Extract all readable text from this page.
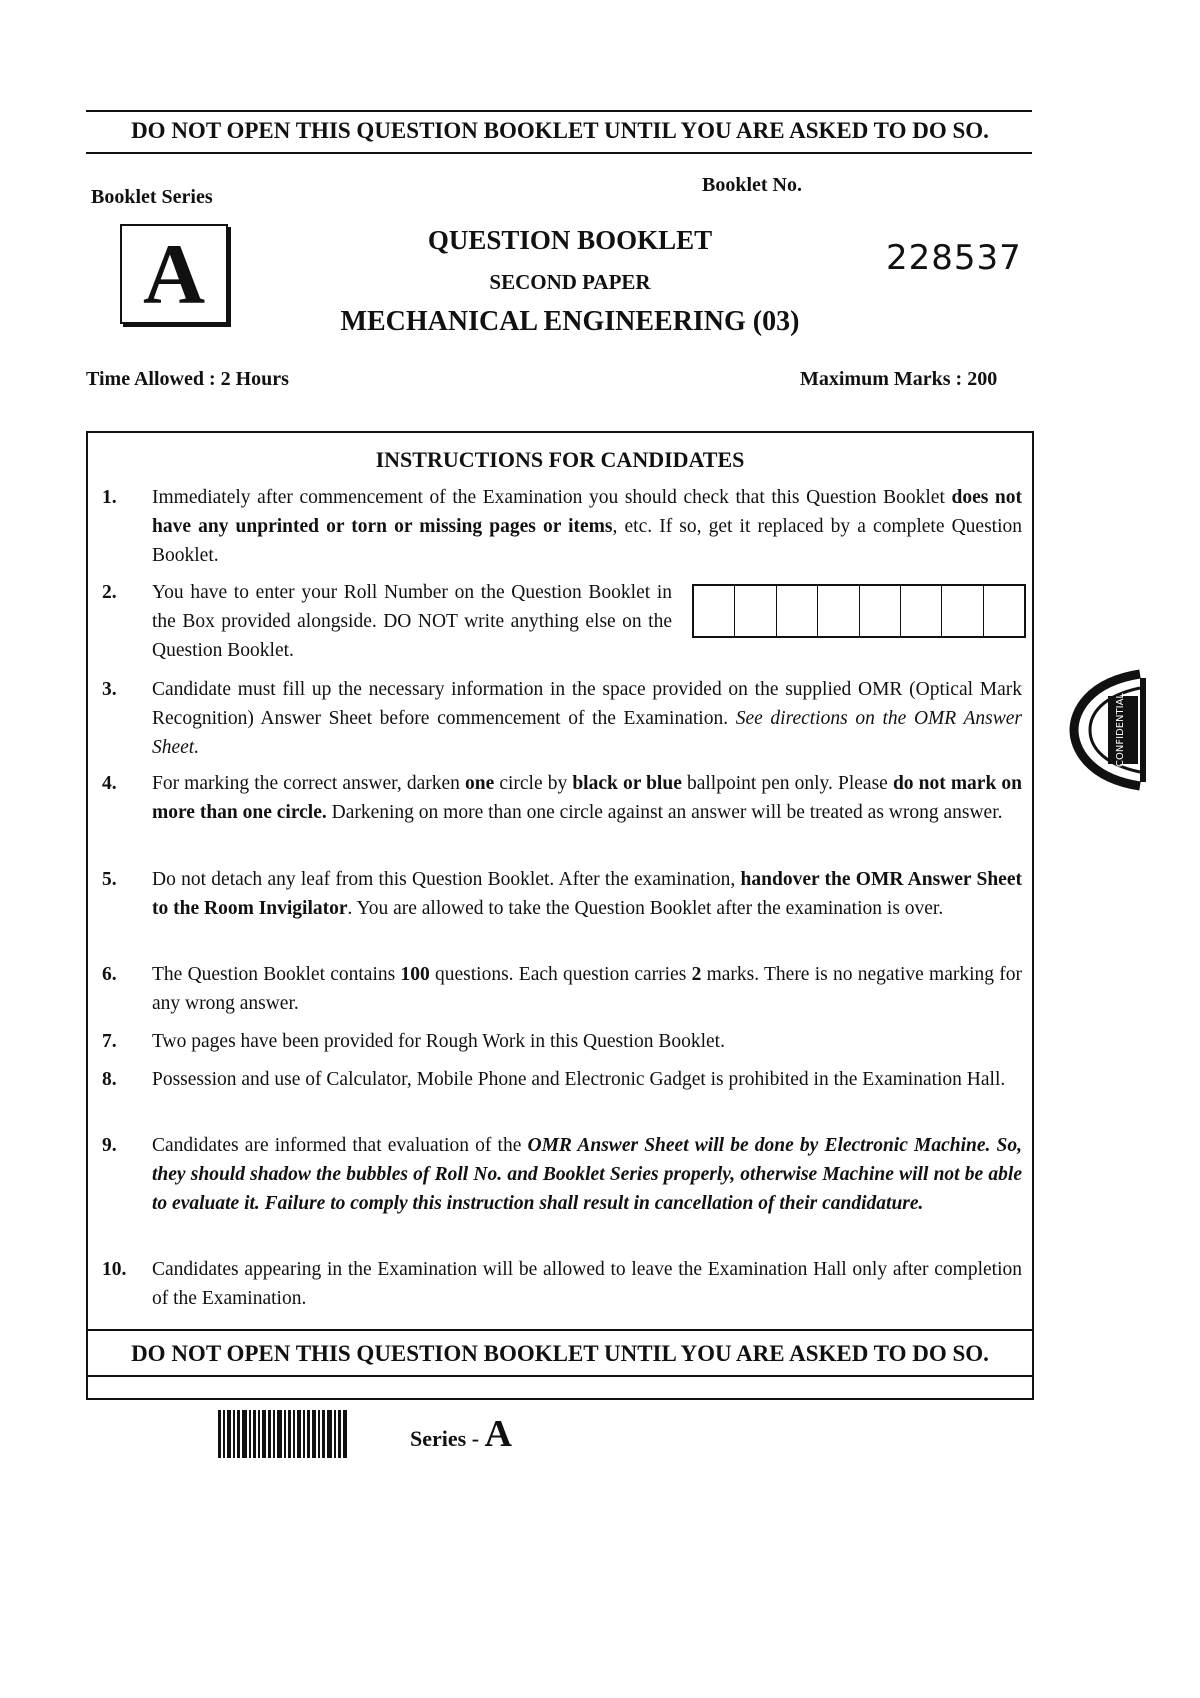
DO NOT OPEN THIS QUESTION BOOKLET UNTIL YOU ARE ASKED TO DO SO.
Booklet Series
A
Booklet No.
228537
QUESTION BOOKLET
SECOND PAPER
MECHANICAL ENGINEERING (03)
Time Allowed : 2 Hours	Maximum Marks : 200
INSTRUCTIONS FOR CANDIDATES
1.	Immediately after commencement of the Examination you should check that this Question Booklet does not have any unprinted or torn or missing pages or items, etc. If so, get it replaced by a complete Question Booklet.
2.	You have to enter your Roll Number on the Question Booklet in the Box provided alongside. DO NOT write anything else on the Question Booklet.
3.	Candidate must fill up the necessary information in the space provided on the supplied OMR (Optical Mark Recognition) Answer Sheet before commencement of the Examination. See directions on the OMR Answer Sheet.
4.	For marking the correct answer, darken one circle by black or blue ballpoint pen only. Please do not mark on more than one circle. Darkening on more than one circle against an answer will be treated as wrong answer.
5.	Do not detach any leaf from this Question Booklet. After the examination, handover the OMR Answer Sheet to the Room Invigilator. You are allowed to take the Question Booklet after the examination is over.
6.	The Question Booklet contains 100 questions. Each question carries 2 marks. There is no negative marking for any wrong answer.
7.	Two pages have been provided for Rough Work in this Question Booklet.
8.	Possession and use of Calculator, Mobile Phone and Electronic Gadget is prohibited in the Examination Hall.
9.	Candidates are informed that evaluation of the OMR Answer Sheet will be done by Electronic Machine. So, they should shadow the bubbles of Roll No. and Booklet Series properly, otherwise Machine will not be able to evaluate it. Failure to comply this instruction shall result in cancellation of their candidature.
10.	Candidates appearing in the Examination will be allowed to leave the Examination Hall only after completion of the Examination.
DO NOT OPEN THIS QUESTION BOOKLET UNTIL YOU ARE ASKED TO DO SO.
Series - A
CONFIDENTIAL
